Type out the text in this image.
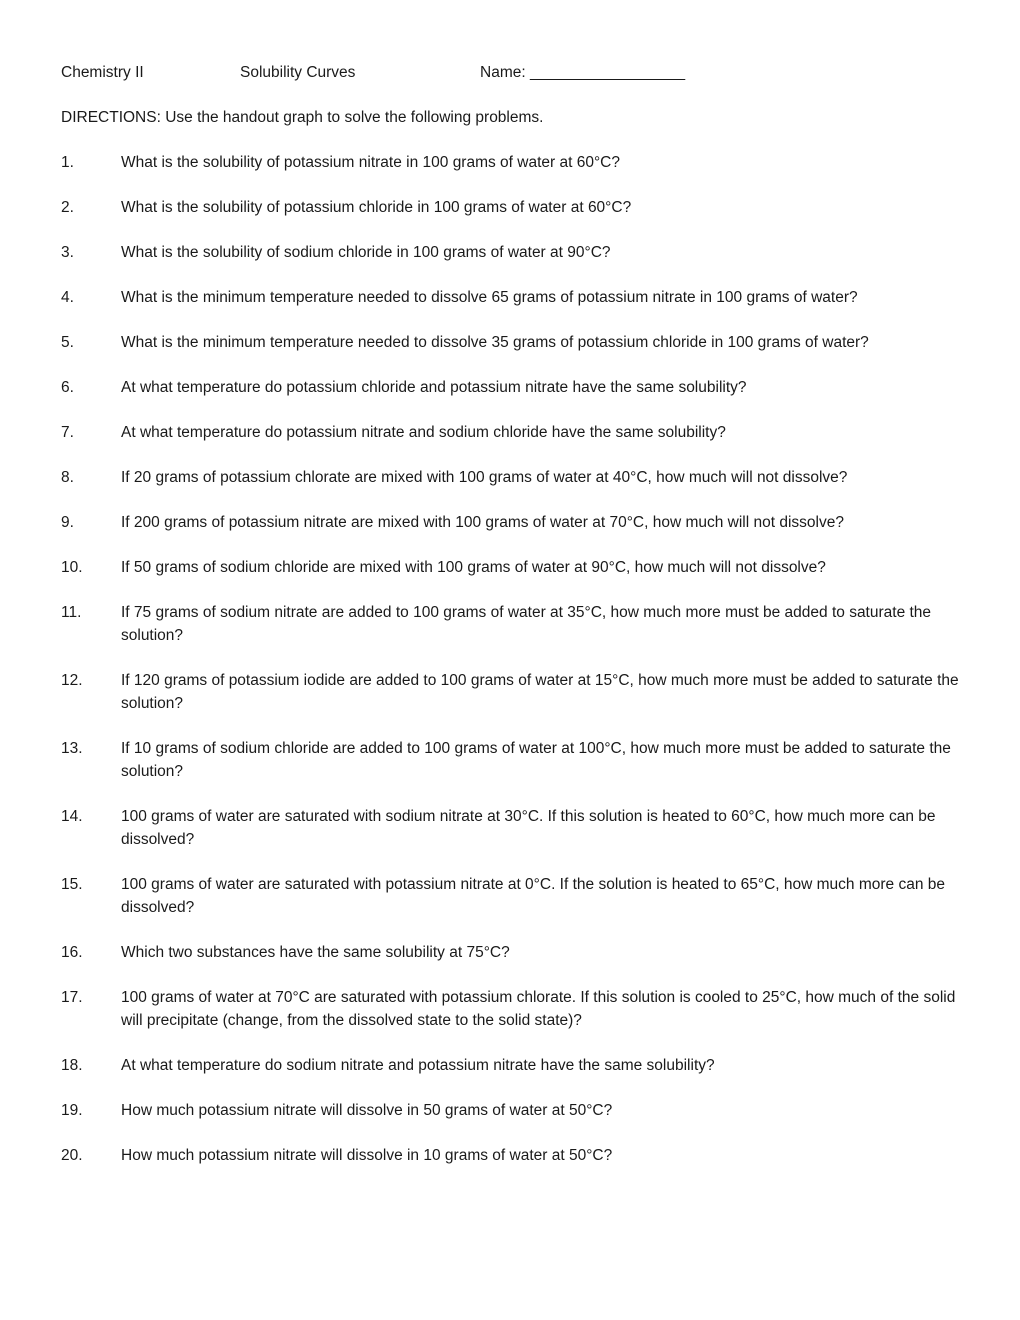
Chemistry II	Solubility Curves	Name: __________________
DIRECTIONS: Use the handout graph to solve the following problems.
1.	What is the solubility of potassium nitrate in 100 grams of water at 60°C?
2.	What is the solubility of potassium chloride in 100 grams of water at 60°C?
3.	What is the solubility of sodium chloride in 100 grams of water at 90°C?
4.	What is the minimum temperature needed to dissolve 65 grams of potassium nitrate in 100 grams of water?
5.	What is the minimum temperature needed to dissolve 35 grams of potassium chloride in 100 grams of water?
6.	At what temperature do potassium chloride and potassium nitrate have the same solubility?
7.	At what temperature do potassium nitrate and sodium chloride have the same solubility?
8.	If 20 grams of potassium chlorate are mixed with 100 grams of water at 40°C, how much will not dissolve?
9.	If 200 grams of potassium nitrate are mixed with 100 grams of water at 70°C, how much will not dissolve?
10. If 50 grams of sodium chloride are mixed with 100 grams of water at 90°C, how much will not dissolve?
11.	If 75 grams of sodium nitrate are added to 100 grams of water at 35°C, how much more must be added to saturate the solution?
12. If 120 grams of potassium iodide are added to 100 grams of water at 15°C, how much more must be added to saturate the solution?
13. If 10 grams of sodium chloride are added to 100 grams of water at 100°C, how much more must be added to saturate the solution?
14. 100 grams of water are saturated with sodium nitrate at 30°C. If this solution is heated to 60°C, how much more can be dissolved?
15. 100 grams of water are saturated with potassium nitrate at 0°C. If the solution is heated to 65°C, how much more can be dissolved?
16. Which two substances have the same solubility at 75°C?
17. 100 grams of water at 70°C are saturated with potassium chlorate. If this solution is cooled to 25°C, how much of the solid will precipitate (change, from the dissolved state to the solid state)?
18. At what temperature do sodium nitrate and potassium nitrate have the same solubility?
19. How much potassium nitrate will dissolve in 50 grams of water at 50°C?
20. How much potassium nitrate will dissolve in 10 grams of water at 50°C?
